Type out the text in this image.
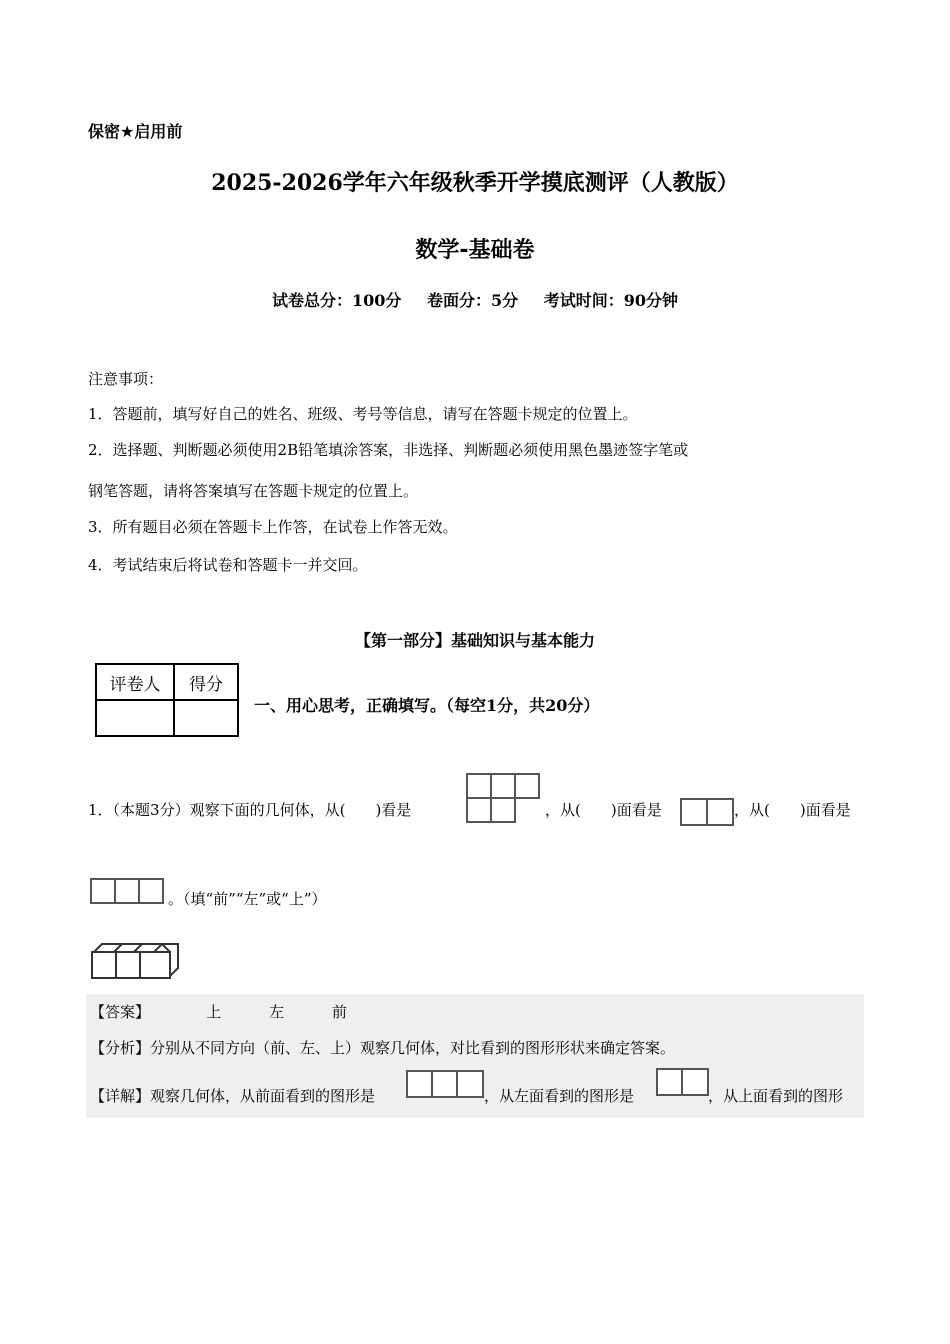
保密★启用前
2025-2026学年六年级秋季开学摸底测评（人教版）
数学-基础卷
试卷总分：100分 卷面分：5分 考试时间：90分钟
注意事项：
1．答题前，填写好自己的姓名、班级、考号等信息，请写在答题卡规定的位置上。
2．选择题、判断题必须使用2B铅笔填涂答案，非选择、判断题必须使用黑色墨迹签字笔或
钢笔答题，请将答案填写在答题卡规定的位置上。
3．所有题目必须在答题卡上作答，在试卷上作答无效。
4．考试结束后将试卷和答题卡一并交回。
【第一部分】基础知识与基本能力
评卷人	得分

一、用心思考，正确填写。（每空1分，共20分）
1．（本题3分）观察下面的几何体，从(　　)看是	，从(　　)面看是	，从(　　)面看是
。（填“前”“左”或“上”）
【答案】	上	左	前
【分析】分别从不同方向（前、左、上）观察几何体，对比看到的图形形状来确定答案。
【详解】观察几何体，从前面看到的图形是	，从左面看到的图形是	，从上面看到的图形
